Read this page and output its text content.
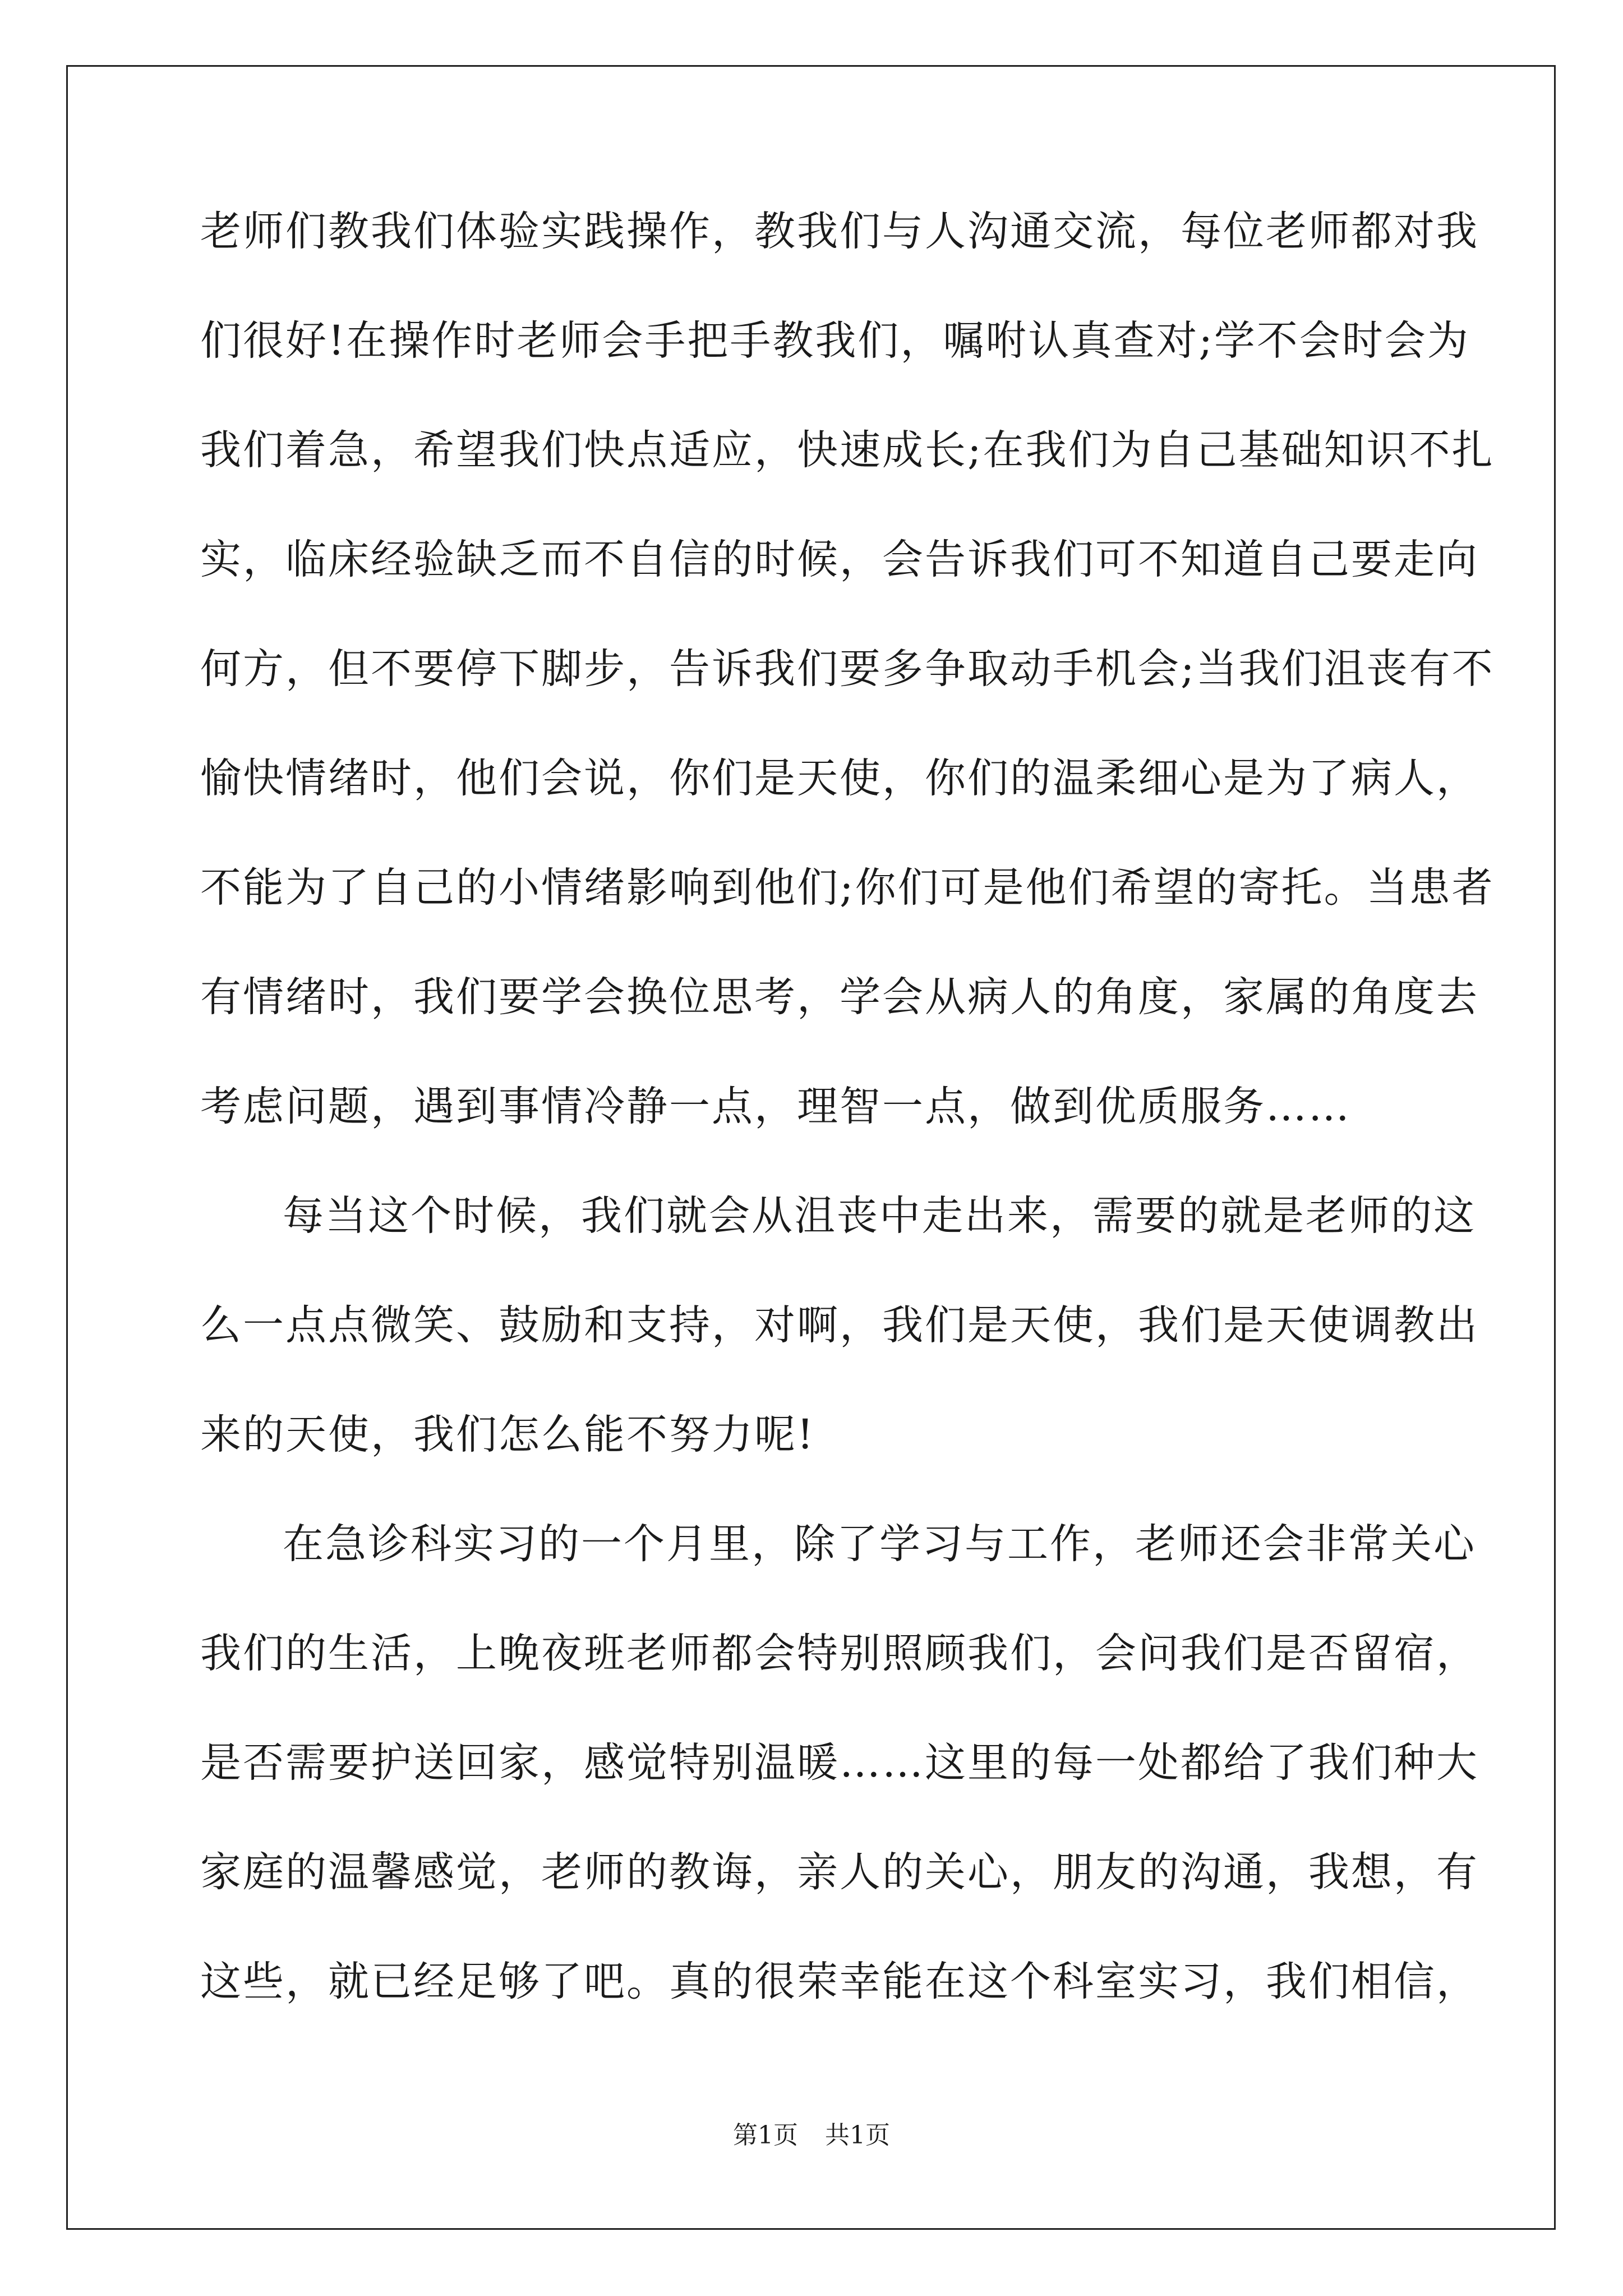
老师们教我们体验实践操作，教我们与人沟通交流，每位老师都对我
们很好!在操作时老师会手把手教我们，嘱咐认真查对;学不会时会为
我们着急，希望我们快点适应，快速成长;在我们为自己基础知识不扎
实，临床经验缺乏而不自信的时候，会告诉我们可不知道自己要走向
何方，但不要停下脚步，告诉我们要多争取动手机会;当我们沮丧有不
愉快情绪时，他们会说，你们是天使，你们的温柔细心是为了病人，
不能为了自己的小情绪影响到他们;你们可是他们希望的寄托。当患者
有情绪时，我们要学会换位思考，学会从病人的角度，家属的角度去
考虑问题，遇到事情冷静一点，理智一点，做到优质服务……
每当这个时候，我们就会从沮丧中走出来，需要的就是老师的这
么一点点微笑、鼓励和支持，对啊，我们是天使，我们是天使调教出
来的天使，我们怎么能不努力呢!
在急诊科实习的一个月里，除了学习与工作，老师还会非常关心
我们的生活，上晚夜班老师都会特别照顾我们，会问我们是否留宿，
是否需要护送回家，感觉特别温暖……这里的每一处都给了我们种大
家庭的温馨感觉，老师的教诲，亲人的关心，朋友的沟通，我想，有
这些，就已经足够了吧。真的很荣幸能在这个科室实习，我们相信，
第1页 共1页
